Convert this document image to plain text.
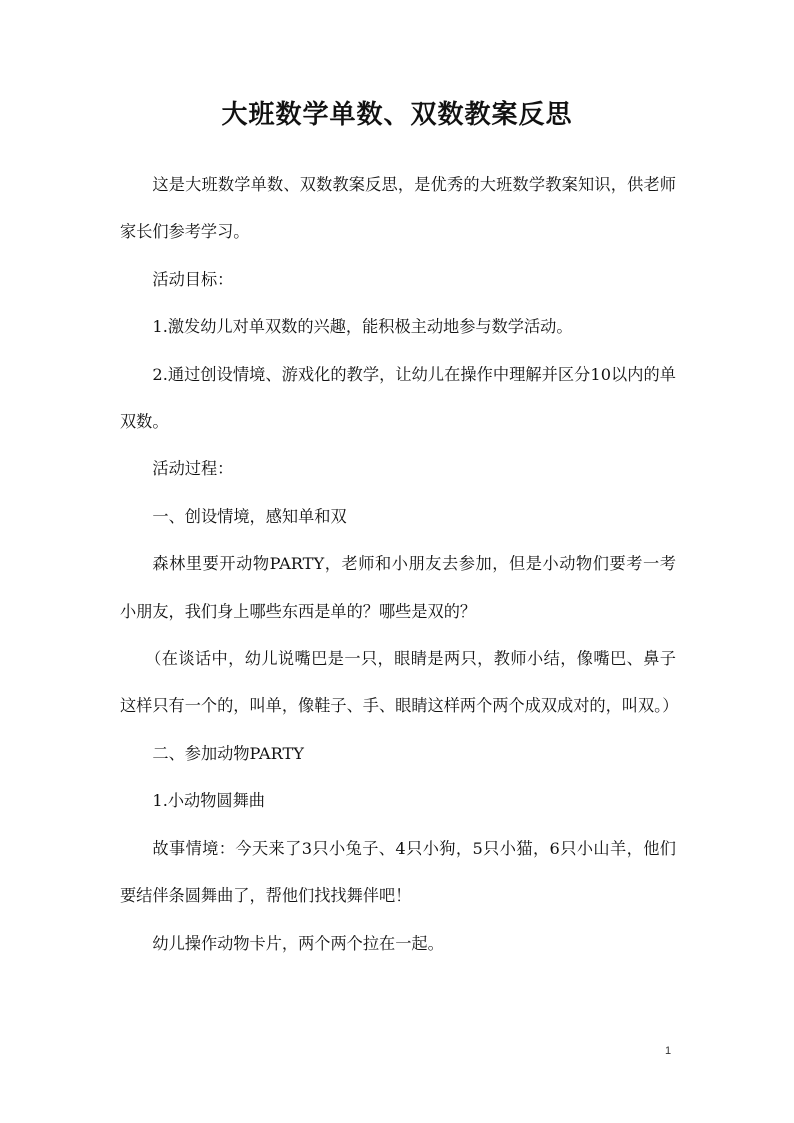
大班数学单数、双数教案反思

这是大班数学单数、双数教案反思，是优秀的大班数学教案知识，供老师家长们参考学习。

活动目标：

1.激发幼儿对单双数的兴趣，能积极主动地参与数学活动。

2.通过创设情境、游戏化的教学，让幼儿在操作中理解并区分10以内的单双数。

活动过程：

一、创设情境，感知单和双

森林里要开动物PARTY，老师和小朋友去参加，但是小动物们要考一考小朋友，我们身上哪些东西是单的？哪些是双的？

（在谈话中，幼儿说嘴巴是一只，眼睛是两只，教师小结，像嘴巴、鼻子这样只有一个的，叫单，像鞋子、手、眼睛这样两个两个成双成对的，叫双。）

二、参加动物PARTY

1.小动物圆舞曲

故事情境：今天来了3只小兔子、4只小狗，5只小猫，6只小山羊，他们要结伴条圆舞曲了，帮他们找找舞伴吧！

幼儿操作动物卡片，两个两个拉在一起。

1
